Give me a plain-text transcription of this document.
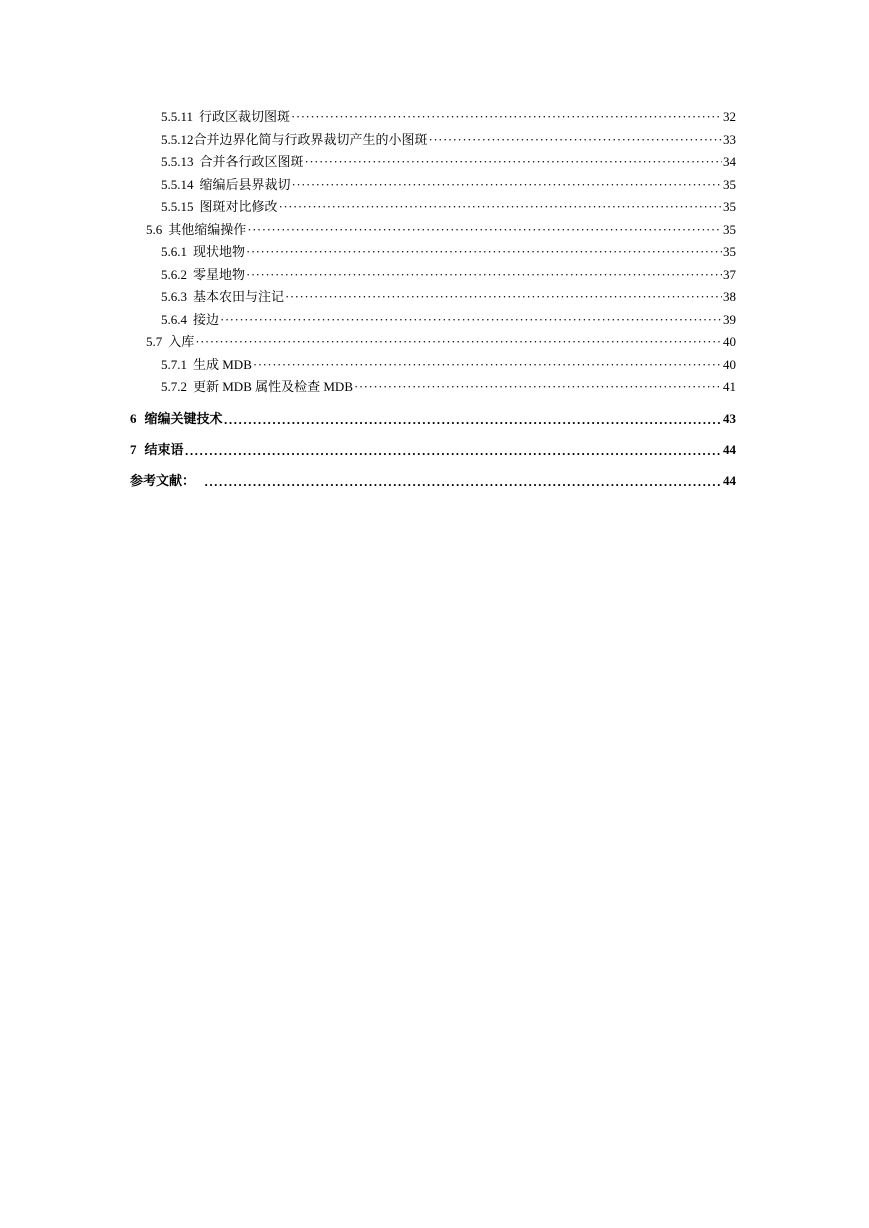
5.5.11 行政区裁切图斑 ·····	32
5.5.12 合并边界化简与行政界裁切产生的小图斑 ·····	33
5.5.13 合并各行政区图斑 ·····	34
5.5.14 缩编后县界裁切 ·····	35
5.5.15 图斑对比修改 ·····	35
5.6 其他缩编操作 ·····	35
5.6.1 现状地物 ·····	35
5.6.2 零星地物 ·····	37
5.6.3 基本农田与注记 ·····	38
5.6.4 接边 ·····	39
5.7 入库 ·····	40
5.7.1 生成 MDB ·····	40
5.7.2 更新 MDB 属性及检查 MDB ·····	41
6 缩编关键技术 ·····	43
7 结束语 ·····	44
参考文献： ·····	44
